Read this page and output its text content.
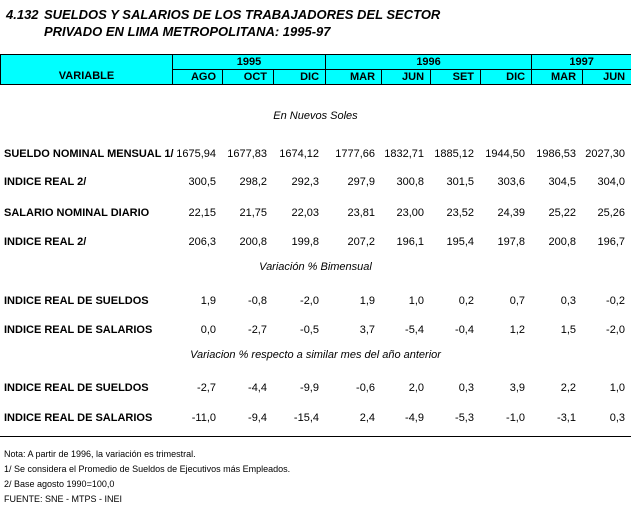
4.132 SUELDOS Y SALARIOS DE LOS TRABAJADORES DEL SECTOR
PRIVADO EN LIMA METROPOLITANA: 1995-97
VARIABLE	1995			1996				1997	
	AGO	OCT	DIC	MAR	JUN	SET	DIC	MAR	JUN
En Nuevos Soles
SUELDO NOMINAL MENSUAL 1/ 1675,94	1677,83	1674,12	1777,66 1832,71 1885,12	1944,50	1986,53 2027,30
INDICE REAL 2/	300,5	298,2	292,3	297,9	300,8	301,5	303,6	304,5	304,0
SALARIO NOMINAL DIARIO	22,15	21,75	22,03	23,81	23,00	23,52	24,39	25,22	25,26
INDICE REAL 2/	206,3	200,8	199,8	207,2	196,1	195,4	197,8	200,8	196,7
Variación % Bimensual
INDICE REAL DE SUELDOS	1,9	-0,8	-2,0	1,9	1,0	0,2	0,7	0,3	-0,2
INDICE REAL DE SALARIOS	0,0	-2,7	-0,5	3,7	-5,4	-0,4	1,2	1,5	-2,0
Variacion % respecto a similar mes del año anterior
INDICE REAL DE SUELDOS	-2,7	-4,4	-9,9	-0,6	2,0	0,3	3,9	2,2	1,0
INDICE REAL DE SALARIOS	-11,0	-9,4	-15,4	2,4	-4,9	-5,3	-1,0	-3,1	0,3
Nota: A partir de 1996, la variación es trimestral.
1/ Se considera el Promedio de Sueldos de Ejecutivos más Empleados.
2/ Base agosto 1990=100,0
FUENTE: SNE - MTPS - INEI
